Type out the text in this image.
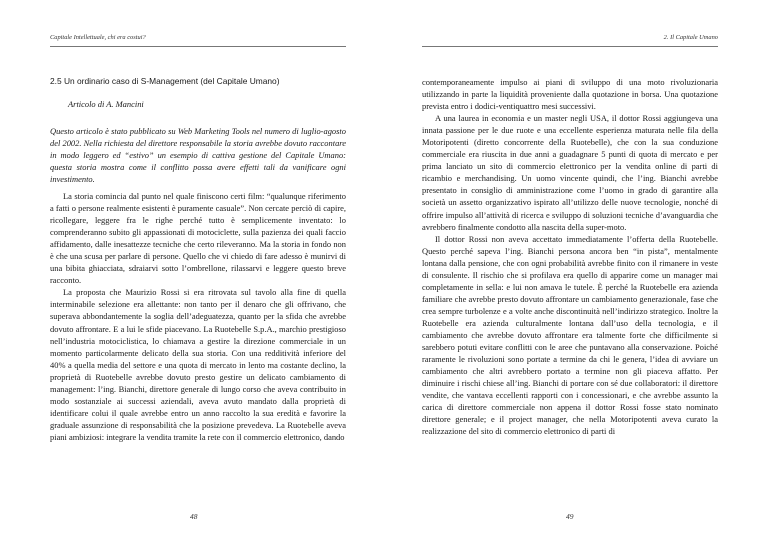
Capitale Intellettuale, chi era costui?
2.5 Un ordinario caso di S-Management (del Capitale Umano)
Articolo di A. Mancini
Questo articolo è stato pubblicato su Web Marketing Tools nel numero di luglio-agosto del 2002. Nella richiesta del direttore responsabile la storia avrebbe dovuto raccontare in modo leggero ed “estivo” un esempio di cattiva gestione del Capitale Umano: questa storia mostra come il conflitto possa avere effetti tali da vanificare ogni investimento.

La storia comincia dal punto nel quale finiscono certi film: “qualunque riferimento a fatti o persone realmente esistenti è puramente casuale”. Non cercate perciò di capire, ricollegare, leggere fra le righe perché tutto è semplicemente inventato: lo comprenderanno subito gli appassionati di motociclette, sulla pazienza dei quali faccio affidamento, dalle inesattezze tecniche che certo rileveranno. Ma la storia in fondo non è che una scusa per parlare di persone. Quello che vi chiedo di fare adesso è munirvi di una bibita ghiacciata, sdraiarvi sotto l’ombrellone, rilassarvi e leggere questo breve racconto.

La proposta che Maurizio Rossi si era ritrovata sul tavolo alla fine di quella interminabile selezione era allettante: non tanto per il denaro che gli offrivano, che superava abbondantemente la soglia dell’adeguatezza, quanto per la sfida che avrebbe dovuto affrontare. E a lui le sfide piacevano. La Ruotebelle S.p.A., marchio prestigioso nell’industria motociclistica, lo chiamava a gestire la direzione commerciale in un momento particolarmente delicato della sua storia. Con una redditività inferiore del 40% a quella media del settore e una quota di mercato in lento ma costante declino, la proprietà di Ruotebelle avrebbe dovuto presto gestire un delicato cambiamento di management: l’ing. Bianchi, direttore generale di lungo corso che aveva contribuito in modo sostanziale ai successi aziendali, aveva avuto mandato dalla proprietà di identificare colui il quale avrebbe entro un anno raccolto la sua eredità e favorire la graduale assunzione di responsabilità che la posizione prevedeva. La Ruotebelle aveva piani ambiziosi: integrare la vendita tramite la rete con il commercio elettronico, dando

48
2. Il Capitale Umano

contemporaneamente impulso ai piani di sviluppo di una moto rivoluzionaria utilizzando in parte la liquidità proveniente dalla quotazione in borsa. Una quotazione prevista entro i dodici-ventiquattro mesi successivi.

A una laurea in economia e un master negli USA, il dottor Rossi aggiungeva una innata passione per le due ruote e una eccellente esperienza maturata nelle fila della Motoripotenti (diretto concorrente della Ruotebelle), che con la sua conduzione commerciale era riuscita in due anni a guadagnare 5 punti di quota di mercato e per prima lanciato un sito di commercio elettronico per la vendita online di parti di ricambio e merchandising. Un uomo vincente quindi, che l’ing. Bianchi avrebbe presentato in consiglio di amministrazione come l’uomo in grado di garantire alla società un assetto organizzativo ispirato all’utilizzo delle nuove tecnologie, nonché di offrire impulso all’attività di ricerca e sviluppo di soluzioni tecniche d’avanguardia che avrebbero finalmente condotto alla nascita della super-moto.

Il dottor Rossi non aveva accettato immediatamente l’offerta della Ruotebelle. Questo perché sapeva l’ing. Bianchi persona ancora ben “in pista”, mentalmente lontana dalla pensione, che con ogni probabilità avrebbe finito con il rimanere in veste di consulente. Il rischio che si profilava era quello di apparire come un manager mai completamente in sella: e lui non amava le tutele. È perché la Ruotebelle era azienda familiare che avrebbe presto dovuto affrontare un cambiamento generazionale, fase che crea sempre turbolenze e a volte anche discontinuità nell’indirizzo strategico. Inoltre la Ruotebelle era azienda culturalmente lontana dall’uso della tecnologia, e il cambiamento che avrebbe dovuto affrontare era talmente forte che difficilmente si sarebbero potuti evitare conflitti con le aree che puntavano alla conservazione. Poiché raramente le rivoluzioni sono portate a termine da chi le genera, l’idea di avviare un cambiamento che altri avrebbero portato a termine non gli piaceva affatto. Per diminuire i rischi chiese all’ing. Bianchi di portare con sé due collaboratori: il direttore vendite, che vantava eccellenti rapporti con i concessionari, e che avrebbe assunto la carica di direttore commerciale non appena il dottor Rossi fosse stato nominato direttore generale; e il project manager, che nella Motoripotenti aveva curato la realizzazione del sito di commercio elettronico di parti di

49
